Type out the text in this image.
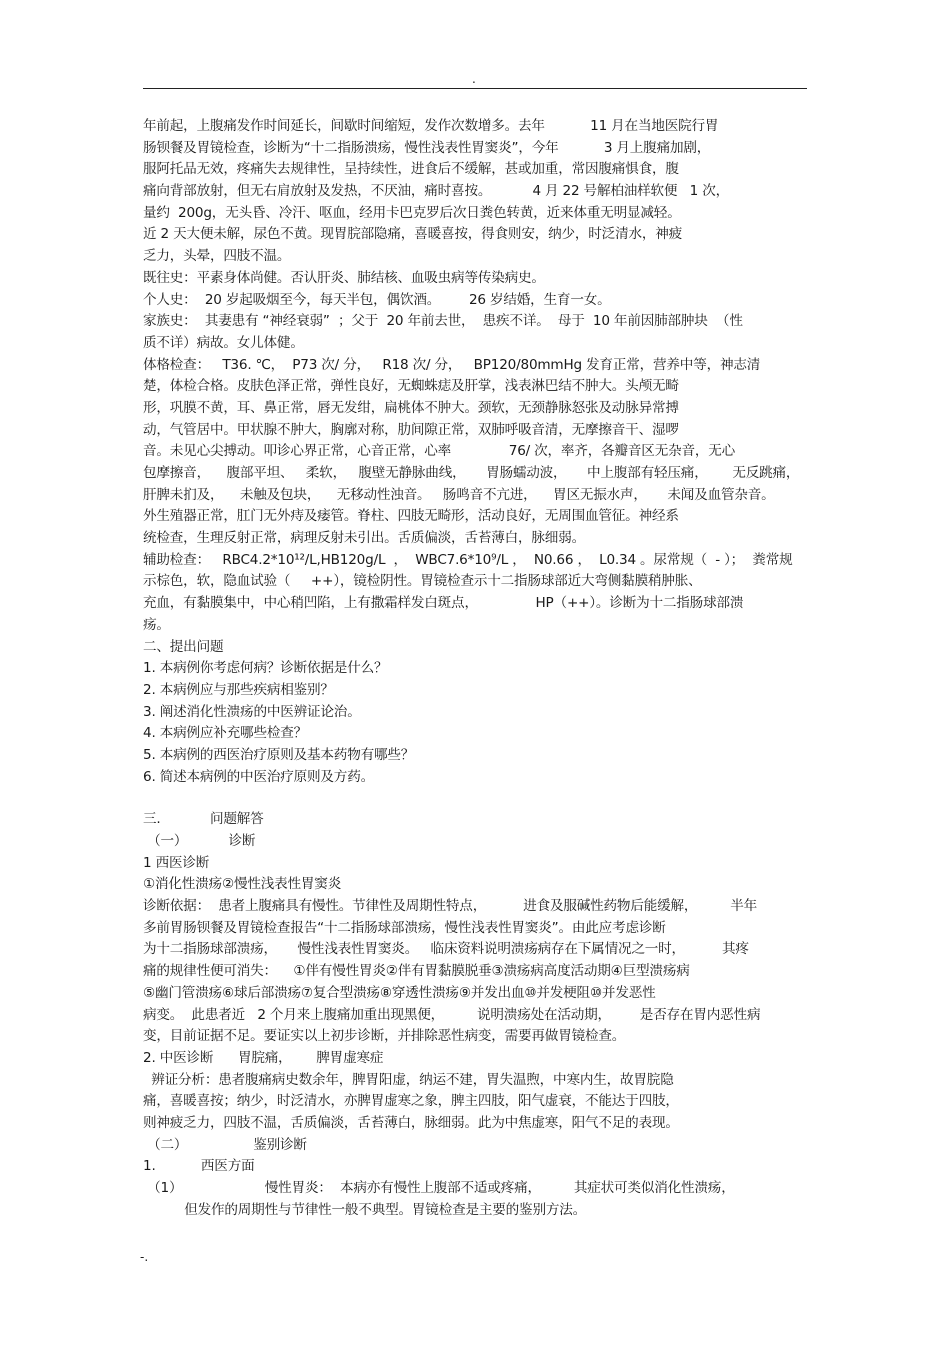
.
年前起，上腹痛发作时间延长，间歇时间缩短，发作次数增多。去年           11 月在当地医院行胃
肠钡餐及胃镜检查，诊断为“十二指肠溃疡，慢性浅表性胃窦炎”，今年           3 月上腹痛加剧，
服阿托品无效，疼痛失去规律性，呈持续性，进食后不缓解，甚或加重，常因腹痛惧食，腹
痛向背部放射，但无右肩放射及发热，不厌油，痛时喜按。          4 月 22 号解柏油样软便   1 次，
量约  200g，无头昏、冷汗、呕血，经用卡巴克罗后次日粪色转黄，近来体重无明显减轻。
近 2 天大便未解，尿色不黄。现胃脘部隐痛，喜暖喜按，得食则安，纳少，时泛清水，神疲
乏力，头晕，四肢不温。
既往史：平素身体尚健。否认肝炎、肺结核、血吸虫病等传染病史。
个人史：  20 岁起吸烟至今，每天半包，偶饮酒。       26 岁结婚，生育一女。
家族史：  其妻患有 “神经衰弱”  ；父于  20 年前去世，  患疾不详。  母于  10 年前因肺部肿块  （性
质不详）病故。女儿体健。
体格检查：   T36. ℃，  P73 次/ 分，   R18 次/ 分，   BP120/80mmHg 发育正常，营养中等，神志清
楚，体检合格。皮肤色泽正常，弹性良好，无蜘蛛痣及肝掌，浅表淋巴结不肿大。头颅无畸
形，巩膜不黄，耳、鼻正常，唇无发绀，扁桃体不肿大。颈软，无颈静脉怒张及动脉异常搏
动，气管居中。甲状腺不肿大，胸廓对称，肋间隙正常，双肺呼吸音清，无摩擦音干、湿啰
音。未见心尖搏动。叩诊心界正常，心音正常，心率              76/ 次，率齐，各瓣音区无杂音，无心
包摩擦音，    腹部平坦、   柔软，   腹壁无静脉曲线，     胃肠蠕动波，     中上腹部有轻压痛，      无反跳痛，
肝脾未扪及，    未触及包块，    无移动性浊音。   肠鸣音不亢进，    胃区无振水声，     未闻及血管杂音。
外生殖器正常，肛门无外痔及痿管。脊柱、四肢无畸形，活动良好，无周围血管征。神经系
统检查，生理反射正常，病理反射未引出。舌质偏淡，舌苔薄白，脉细弱。
辅助检查：   RBC4.2*10¹²/L,HB120g/L  ，  WBC7.6*10⁹/L ，  N0.66 ，  L0.34 。尿常规（  - ）；  粪常规
示棕色，软，隐血试验（     ++），镜检阴性。胃镜检查示十二指肠球部近大弯侧黏膜稍肿胀、
充血，有黏膜集中，中心稍凹陷，上有撒霜样发白斑点，              HP（++）。诊断为十二指肠球部溃
疡。
二、提出问题
1. 本病例你考虑何病？诊断依据是什么？
2. 本病例应与那些疾病相鉴别？
3. 阐述消化性溃疡的中医辨证论治。
4. 本病例应补充哪些检查？
5. 本病例的西医治疗原则及基本药物有哪些？
6. 简述本病例的中医治疗原则及方药。
三.            问题解答
（一）          诊断
1 西医诊断
①消化性溃疡②慢性浅表性胃窦炎
诊断依据：  患者上腹痛具有慢性。节律性及周期性特点，         进食及服碱性药物后能缓解，        半年
多前胃肠钡餐及胃镜检查报告“十二指肠球部溃疡，慢性浅表性胃窦炎”。由此应考虑诊断
为十二指肠球部溃疡，     慢性浅表性胃窦炎。   临床资料说明溃疡病存在下属情况之一时，         其疼
痛的规律性便可消失：    ①伴有慢性胃炎②伴有胃黏膜脱垂③溃疡病高度活动期④巨型溃疡病
⑤幽门管溃疡⑥球后部溃疡⑦复合型溃疡⑧穿透性溃疡⑨并发出血⑩并发梗阻⑩并发恶性
病变。  此患者近   2 个月来上腹痛加重出现黑便，        说明溃疡处在活动期，       是否存在胃内恶性病
变，目前证据不足。要证实以上初步诊断，并排除恶性病变，需要再做胃镜检查。
2. 中医诊断      胃脘痛，      脾胃虚寒症
辨证分析：患者腹痛病史数余年，脾胃阳虚，纳运不建，胃失温煦，中寒内生，故胃脘隐
痛，喜暖喜按；纳少，时泛清水，亦脾胃虚寒之象，脾主四肢，阳气虚衰，不能达于四肢，
则神疲乏力，四肢不温，舌质偏淡，舌苔薄白，脉细弱。此为中焦虚寒，阳气不足的表现。
（二）                鉴别诊断
1.           西医方面
（1）                    慢性胃炎：  本病亦有慢性上腹部不适或疼痛，        其症状可类似消化性溃疡，
但发作的周期性与节律性一般不典型。胃镜检查是主要的鉴别方法。
-.
